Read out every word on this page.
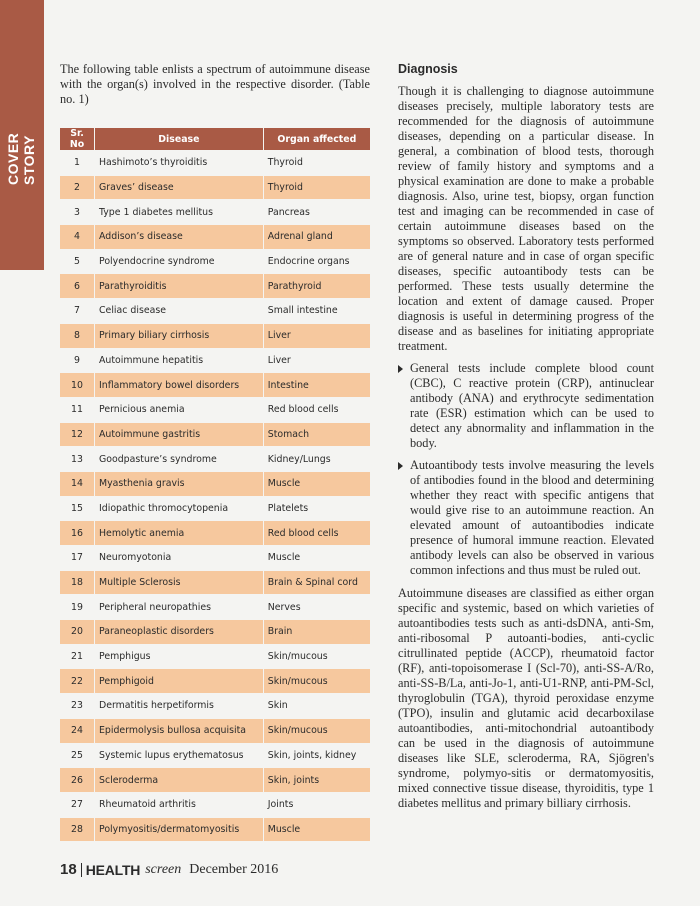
COVER STORY

The following table enlists a spectrum of autoimmune disease with the organ(s) involved in the respective disorder. (Table no. 1)

Sr. No	Disease	Organ affected
1	Hashimoto’s thyroiditis	Thyroid
2	Graves’ disease	Thyroid
3	Type 1 diabetes mellitus	Pancreas
4	Addison’s disease	Adrenal gland
5	Polyendocrine syndrome	Endocrine organs
6	Parathyroiditis	Parathyroid
7	Celiac disease	Small intestine
8	Primary biliary cirrhosis	Liver
9	Autoimmune hepatitis	Liver
10	Inflammatory bowel disorders	Intestine
11	Pernicious anemia	Red blood cells
12	Autoimmune gastritis	Stomach
13	Goodpasture’s syndrome	Kidney/Lungs
14	Myasthenia gravis	Muscle
15	Idiopathic thromocytopenia	Platelets
16	Hemolytic anemia	Red blood cells
17	Neuromyotonia	Muscle
18	Multiple Sclerosis	Brain & Spinal cord
19	Peripheral neuropathies	Nerves
20	Paraneoplastic disorders	Brain
21	Pemphigus	Skin/mucous
22	Pemphigoid	Skin/mucous
23	Dermatitis herpetiformis	Skin
24	Epidermolysis bullosa acquisita	Skin/mucous
25	Systemic lupus erythematosus	Skin, joints, kidney
26	Scleroderma	Skin, joints
27	Rheumatoid arthritis	Joints
28	Polymyositis/dermatomyositis	Muscle
Diagnosis

Though it is challenging to diagnose autoimmune diseases precisely, multiple laboratory tests are recommended for the diagnosis of autoimmune diseases, depending on a particular disease. In general, a combination of blood tests, thorough review of family history and symptoms and a physical examination are done to make a probable diagnosis. Also, urine test, biopsy, organ function test and imaging can be recommended in case of certain autoimmune diseases based on the symptoms so observed. Laboratory tests performed are of general nature and in case of organ specific diseases, specific autoantibody tests can be performed. These tests usually determine the location and extent of damage caused. Proper diagnosis is useful in determining progress of the disease and as baselines for initiating appropriate treatment.

General tests include complete blood count (CBC), C reactive protein (CRP), antinuclear antibody (ANA) and erythrocyte sedimentation rate (ESR) estimation which can be used to detect any abnormality and inflammation in the body.
Autoantibody tests involve measuring the levels of antibodies found in the blood and determining whether they react with specific antigens that would give rise to an autoimmune reaction. An elevated amount of autoantibodies indicate presence of humoral immune reaction. Elevated antibody levels can also be observed in various common infections and thus must be ruled out.

Autoimmune diseases are classified as either organ specific and systemic, based on which varieties of autoantibodies tests such as anti-dsDNA, anti-Sm, anti-ribosomal P autoanti-bodies, anti-cyclic citrullinated peptide (ACCP), rheumatoid factor (RF), anti-topoisomerase I (Scl-70), anti-SS-A/Ro, anti-SS-B/La, anti-Jo-1, anti-U1-RNP, anti-PM-Scl, thyroglobulin (TGA), thyroid peroxidase enzyme (TPO), insulin and glutamic acid decarboxilase autoantibodies, anti-mitochondrial autoantibody can be used in the diagnosis of autoimmune diseases like SLE, scleroderma, RA, Sjögren's syndrome, polymyo-sitis or dermatomyositis, mixed connective tissue disease, thyroiditis, type 1 diabetes mellitus and primary billiary cirrhosis.

18 HEALTH screen December 2016
